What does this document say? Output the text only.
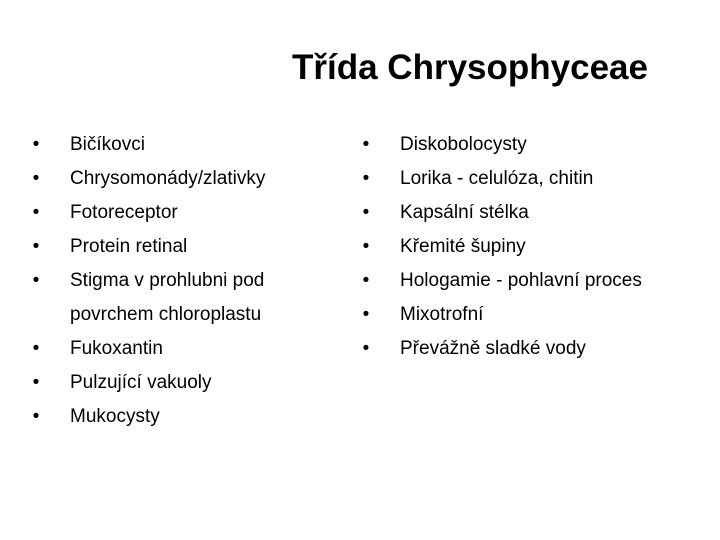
Třída Chrysophyceae
• Bičíkovci
• Chrysomonády/zlativky
• Fotoreceptor
• Protein retinal
• Stigma v prohlubni pod povrchem chloroplastu
• Fukoxantin
• Pulzující vakuoly
• Mukocysty
• Diskobolocysty
• Lorika - celulóza, chitin
• Kapsální stélka
• Křemité šupiny
• Hologamie - pohlavní proces
• Mixotrofní
• Převážně sladké vody
